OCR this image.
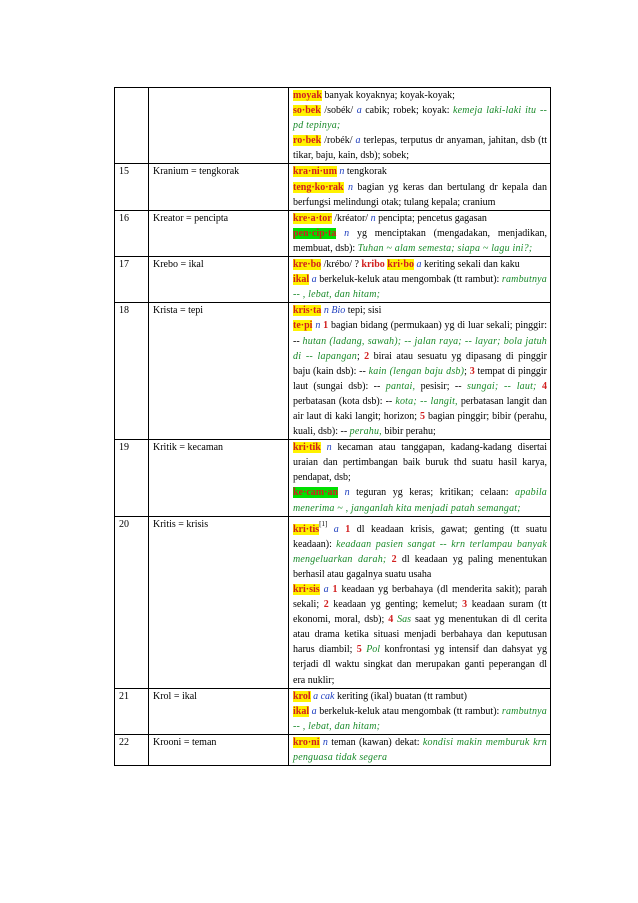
		moyak banyak koyaknya; koyak-koyak;
so·bek /sobék/ a cabik; robek; koyak: kemeja laki-laki itu -- pd tepinya;
ro·bek /robék/ a terlepas, terputus dr anyaman, jahitan, dsb (tt tikar, baju, kain, dsb); sobek;

15	Kranium = tengkorak	kra·ni·um n tengkorak
teng·ko·rak n bagian yg keras dan bertulang dr kepala dan berfungsi melindungi otak; tulang kepala; cranium

16	Kreator = pencipta	kre·a·tor /kréator/ n pencipta; pencetus gagasan
pen·cip·ta n yg menciptakan (mengadakan, menjadikan, membuat, dsb): Tuhan ~ alam semesta; siapa ~ lagu ini?;

17	Krebo = ikal	kre·bo /krébo/ ? kribo kri·bo a keriting sekali dan kaku
ikal a berkeluk-keluk atau mengombak (tt rambut): rambutnya -- , lebat, dan hitam;

18	Krista = tepi	kris·ta n Bio tepi; sisi
te·pi n 1 bagian bidang (permukaan) yg di luar sekali; pinggir: -- hutan (ladang, sawah); -- jalan raya; -- layar; bola jatuh di -- lapangan; 2 birai atau sesuatu yg dipasang di pinggir baju (kain dsb): -- kain (lengan baju dsb); 3 tempat di pinggir laut (sungai dsb): -- pantai, pesisir; -- sungai; -- laut; 4 perbatasan (kota dsb): -- kota; -- langit, perbatasan langit dan air laut di kaki langit; horizon; 5 bagian pinggir; bibir (perahu, kuali, dsb): -- perahu, bibir perahu;

19	Kritik = kecaman	kri·tik n kecaman atau tanggapan, kadang-kadang disertai uraian dan pertimbangan baik buruk thd suatu hasil karya, pendapat, dsb;
ke·cam·an n teguran yg keras; kritikan; celaan: apabila menerima ~ , janganlah kita menjadi patah semangat;

20	Kritis = krisis	kri·tis[1] a 1 dl keadaan krisis, gawat; genting (tt suatu keadaan): keadaan pasien sangat -- krn terlampau banyak mengeluarkan darah; 2 dl keadaan yg paling menentukan berhasil atau gagalnya suatu usaha
kri·sis a 1 keadaan yg berbahaya (dl menderita sakit); parah sekali; 2 keadaan yg genting; kemelut; 3 keadaan suram (tt ekonomi, moral, dsb); 4 Sas saat yg menentukan di dl cerita atau drama ketika situasi menjadi berbahaya dan keputusan harus diambil; 5 Pol konfrontasi yg intensif dan dahsyat yg terjadi dl waktu singkat dan merupakan ganti peperangan dl era nuklir;

21	Krol = ikal	krol a cak keriting (ikal) buatan (tt rambut)
ikal a berkeluk-keluk atau mengombak (tt rambut): rambutnya -- , lebat, dan hitam;

22	Krooni = teman	kro·ni n teman (kawan) dekat: kondisi makin memburuk krn penguasa tidak segera
